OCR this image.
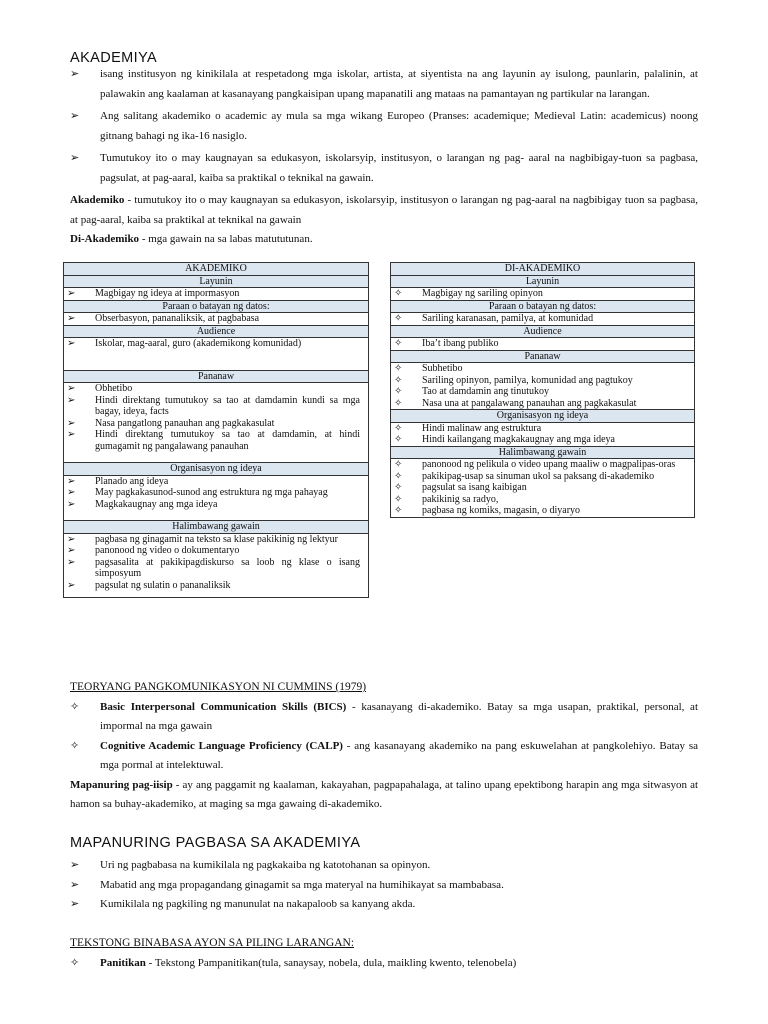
AKADEMIYA

➢ isang institusyon ng kinikilala at respetadong mga iskolar, artista, at siyentista na ang layunin ay isulong, paunlarin, palalinin, at palawakin ang kaalaman at kasanayang pangkaisipan upang mapanatili ang mataas na pamantayan ng partikular na larangan.

➢ Ang salitang akademiko o academic ay mula sa mga wikang Europeo (Pranses: academique; Medieval Latin: academicus) noong gitnang bahagi ng ika-16 nasiglo.

➢ Tumutukoy ito o may kaugnayan sa edukasyon, iskolarsyip, institusyon, o larangan ng pag- aaral na nagbibigay-tuon sa pagbasa, pagsulat, at pag-aaral, kaiba sa praktikal o teknikal na gawain.

Akademiko - tumutukoy ito o may kaugnayan sa edukasyon, iskolarsyip, institusyon o larangan ng pag-aaral na nagbibigay tuon sa pagbasa, at pag-aaral, kaiba sa praktikal at teknikal na gawain

Di-Akademiko - mga gawain na sa labas matututunan.

AKADEMIKO
Layunin

➢ Magbigay ng ideya at impormasyon

Paraan o batayan ng datos:

➢ Obserbasyon, pananaliksik, at pagbabasa

Audience

➢ Iskolar, mag-aaral, guro (akademikong komunidad)

Pananaw

➢ Obhetibo
➢ Hindi direktang tumutukoy sa tao at damdamin kundi sa mga bagay, ideya, facts
➢ Nasa pangatlong panauhan ang pagkakasulat
➢ Hindi direktang tumutukoy sa tao at damdamin, at hindi gumagamit ng pangalawang panauhan

Organisasyon ng ideya

➢ Planado ang ideya
➢ May pagkakasunod-sunod ang estruktura ng mga pahayag
➢ Magkakaugnay ang mga ideya

Halimbawang gawain

➢ pagbasa ng ginagamit na teksto sa klase pakikinig ng lektyur
➢ panonood ng video o dokumentaryo
➢ pagsasalita at pakikipagdiskurso sa loob ng klase o isang simposyum
➢ pagsulat ng sulatin o pananaliksik
DI-AKADEMIKO
Layunin

✧ Magbigay ng sariling opinyon

Paraan o batayan ng datos:

✧ Sariling karanasan, pamilya, at komunidad

Audience

✧ Iba’t ibang publiko

Pananaw

✧ Subhetibo
✧ Sariling opinyon, pamilya, komunidad ang pagtukoy
✧ Tao at damdamin ang tinutukoy
✧ Nasa una at pangalawang panauhan ang pagkakasulat

Organisasyon ng ideya

✧ Hindi malinaw ang estruktura
✧ Hindi kailangang magkakaugnay ang mga ideya

Halimbawang gawain

✧ panonood ng pelikula o video upang maaliw o magpalipas-oras
✧ pakikipag-usap sa sinuman ukol sa paksang di-akademiko
✧ pagsulat sa isang kaibigan
✧ pakikinig sa radyo,
✧ pagbasa ng komiks, magasin, o diyaryo

TEORYANG PANGKOMUNIKASYON NI CUMMINS (1979)

✧ Basic Interpersonal Communication Skills (BICS) - kasanayang di-akademiko. Batay sa mga usapan, praktikal, personal, at impormal na mga gawain

✧ Cognitive Academic Language Proficiency (CALP) - ang kasanayang akademiko na pang eskuwelahan at pangkolehiyo. Batay sa mga pormal at intelektuwal.

Mapanuring pag-iisip - ay ang paggamit ng kaalaman, kakayahan, pagpapahalaga, at talino upang epektibong harapin ang mga sitwasyon at hamon sa buhay-akademiko, at maging sa mga gawaing di-akademiko.

MAPANURING PAGBASA SA AKADEMIYA

➢ Uri ng pagbabasa na kumikilala ng pagkakaiba ng katotohanan sa opinyon.

➢ Mabatid ang mga propagandang ginagamit sa mga materyal na humihikayat sa mambabasa.

➢ Kumikilala ng pagkiling ng manunulat na nakapaloob sa kanyang akda.

TEKSTONG BINABASA AYON SA PILING LARANGAN:

✧ Panitikan - Tekstong Pampanitikan(tula, sanaysay, nobela, dula, maikling kwento, telenobela)
